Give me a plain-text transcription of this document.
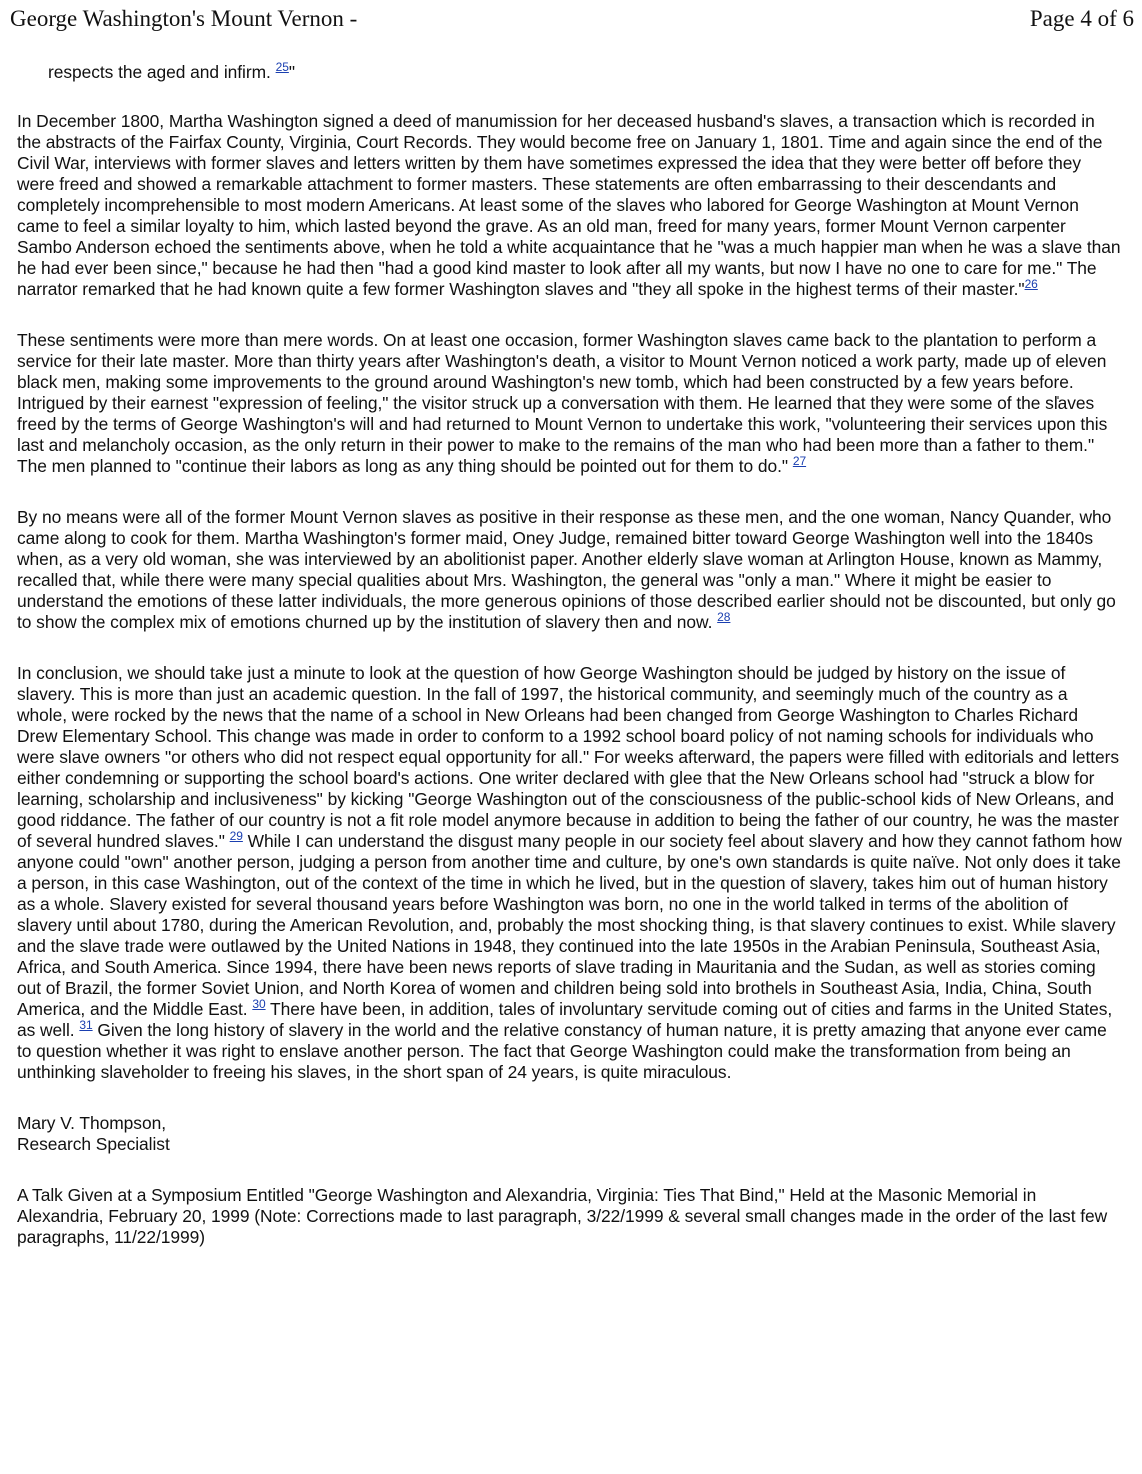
George Washington's Mount Vernon -	Page 4 of 6

respects the aged and infirm. $^{25}$"

In December 1800, Martha Washington signed a deed of manumission for her deceased husband's slaves, a transaction which is recorded in the abstracts of the Fairfax County, Virginia, Court Records. They would become free on January 1, 1801. Time and again since the end of the Civil War, interviews with former slaves and letters written by them have sometimes expressed the idea that they were better off before they were freed and showed a remarkable attachment to former masters. These statements are often embarrassing to their descendants and completely incomprehensible to most modern Americans. At least some of the slaves who labored for George Washington at Mount Vernon came to feel a similar loyalty to him, which lasted beyond the grave. As an old man, freed for many years, former Mount Vernon carpenter Sambo Anderson echoed the sentiments above, when he told a white acquaintance that he "was a much happier man when he was a slave than he had ever been since," because he had then "had a good kind master to look after all my wants, but now I have no one to care for me." The narrator remarked that he had known quite a few former Washington slaves and "they all spoke in the highest terms of their master."$^{26}$

These sentiments were more than mere words. On at least one occasion, former Washington slaves came back to the plantation to perform a service for their late master. More than thirty years after Washington's death, a visitor to Mount Vernon noticed a work party, made up of eleven black men, making some improvements to the ground around Washington's new tomb, which had been constructed by a few years before. Intrigued by their earnest "expression of feeling," the visitor struck up a conversation with them. He learned that they were some of the slaves freed by the terms of George Washington's will and had returned to Mount Vernon to undertake this work, "volunteering their services upon this last and melancholy occasion, as the only return in their power to make to the remains of the man who had been more than a father to them." The men planned to "continue their labors as long as any thing should be pointed out for them to do." $^{27}$

By no means were all of the former Mount Vernon slaves as positive in their response as these men, and the one woman, Nancy Quander, who came along to cook for them. Martha Washington's former maid, Oney Judge, remained bitter toward George Washington well into the 1840s when, as a very old woman, she was interviewed by an abolitionist paper. Another elderly slave woman at Arlington House, known as Mammy, recalled that, while there were many special qualities about Mrs. Washington, the general was "only a man." Where it might be easier to understand the emotions of these latter individuals, the more generous opinions of those described earlier should not be discounted, but only go to show the complex mix of emotions churned up by the institution of slavery then and now. $^{28}$

In conclusion, we should take just a minute to look at the question of how George Washington should be judged by history on the issue of slavery. This is more than just an academic question. In the fall of 1997, the historical community, and seemingly much of the country as a whole, were rocked by the news that the name of a school in New Orleans had been changed from George Washington to Charles Richard Drew Elementary School. This change was made in order to conform to a 1992 school board policy of not naming schools for individuals who were slave owners "or others who did not respect equal opportunity for all." For weeks afterward, the papers were filled with editorials and letters either condemning or supporting the school board's actions. One writer declared with glee that the New Orleans school had "struck a blow for learning, scholarship and inclusiveness" by kicking "George Washington out of the consciousness of the public-school kids of New Orleans, and good riddance. The father of our country is not a fit role model anymore because in addition to being the father of our country, he was the master of several hundred slaves." $^{29}$ While I can understand the disgust many people in our society feel about slavery and how they cannot fathom how anyone could "own" another person, judging a person from another time and culture, by one's own standards is quite naïve. Not only does it take a person, in this case Washington, out of the context of the time in which he lived, but in the question of slavery, takes him out of human history as a whole. Slavery existed for several thousand years before Washington was born, no one in the world talked in terms of the abolition of slavery until about 1780, during the American Revolution, and, probably the most shocking thing, is that slavery continues to exist. While slavery and the slave trade were outlawed by the United Nations in 1948, they continued into the late 1950s in the Arabian Peninsula, Southeast Asia, Africa, and South America. Since 1994, there have been news reports of slave trading in Mauritania and the Sudan, as well as stories coming out of Brazil, the former Soviet Union, and North Korea of women and children being sold into brothels in Southeast Asia, India, China, South America, and the Middle East. $^{30}$ There have been, in addition, tales of involuntary servitude coming out of cities and farms in the United States, as well. $^{31}$ Given the long history of slavery in the world and the relative constancy of human nature, it is pretty amazing that anyone ever came to question whether it was right to enslave another person. The fact that George Washington could make the transformation from being an unthinking slaveholder to freeing his slaves, in the short span of 24 years, is quite miraculous.

Mary V. Thompson,
Research Specialist

A Talk Given at a Symposium Entitled "George Washington and Alexandria, Virginia: Ties That Bind," Held at the Masonic Memorial in Alexandria, February 20, 1999 (Note: Corrections made to last paragraph, 3/22/1999 & several small changes made in the order of the last few paragraphs, 11/22/1999)
